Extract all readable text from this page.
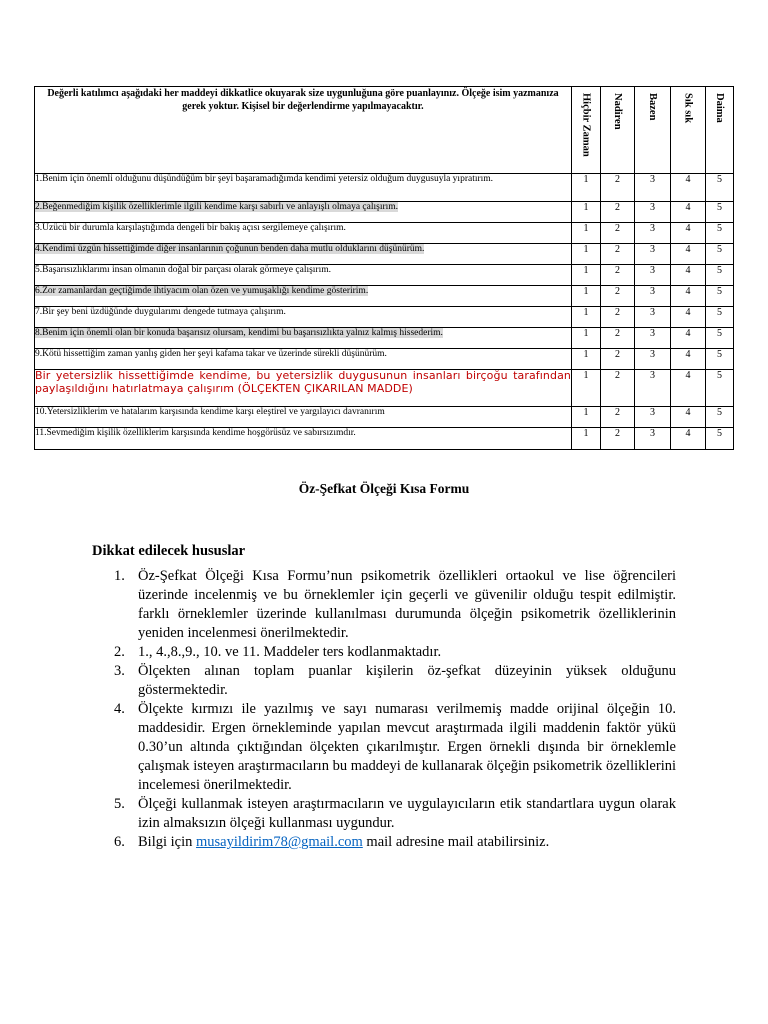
Değerli katılımcı aşağıdaki her maddeyi dikkatlice okuyarak size uygunluğuna göre puanlayınız. Ölçeğe isim yazmanıza gerek yoktur. Kişisel bir değerlendirme yapılmayacaktır.	Hiçbir Zaman	Nadiren	Bazen	Sık sık	Daima

1.Benim için önemli olduğunu düşündüğüm bir şeyi başaramadığımda kendimi yetersiz olduğum duygusuyla yıpratırım.	1	2	3	4	5
2.Beğenmediğim kişilik özelliklerimle ilgili kendime karşı sabırlı ve anlayışlı olmaya çalışırım.	1	2	3	4	5
3.Üzücü bir durumla karşılaştığımda dengeli bir bakış açısı sergilemeye çalışırım.	1	2	3	4	5
4.Kendimi üzgün hissettiğimde diğer insanlarının çoğunun benden daha mutlu olduklarını düşünürüm.	1	2	3	4	5
5.Başarısızlıklarımı insan olmanın doğal bir parçası olarak görmeye çalışırım.	1	2	3	4	5
6.Zor zamanlardan geçtiğimde ihtiyacım olan özen ve yumuşaklığı kendime gösteririm.	1	2	3	4	5
7.Bir şey beni üzdüğünde duygularımı dengede tutmaya çalışırım.	1	2	3	4	5
8.Benim için önemli olan bir konuda başarısız olursam, kendimi bu başarısızlıkta yalnız kalmış hissederim.	1	2	3	4	5
9.Kötü hissettiğim zaman yanlış giden her şeyi kafama takar ve üzerinde sürekli düşünürüm.	1	2	3	4	5
Bir yetersizlik hissettiğimde kendime, bu yetersizlik duygusunun insanları birçoğu tarafından paylaşıldığını hatırlatmaya çalışırım (ÖLÇEKTEN ÇIKARILAN MADDE)	1	2	3	4	5
10.Yetersizliklerim ve hatalarım karşısında kendime karşı eleştirel ve yargılayıcı davranırım	1	2	3	4	5
11.Sevmediğim kişilik özelliklerim karşısında kendime hoşgörüsüz ve sabırsızımdır.	1	2	3	4	5

Öz-Şefkat Ölçeği Kısa Formu

Dikkat edilecek hususlar

1. Öz-Şefkat Ölçeği Kısa Formu’nun psikometrik özellikleri ortaokul ve lise öğrencileri üzerinde incelenmiş ve bu örneklemler için geçerli ve güvenilir olduğu tespit edilmiştir. farklı örneklemler üzerinde kullanılması durumunda ölçeğin psikometrik özelliklerinin yeniden incelenmesi önerilmektedir.
2. 1., 4.,8.,9., 10. ve 11. Maddeler ters kodlanmaktadır.
3. Ölçekten alınan toplam puanlar kişilerin öz-şefkat düzeyinin yüksek olduğunu göstermektedir.
4. Ölçekte kırmızı ile yazılmış ve sayı numarası verilmemiş madde orijinal ölçeğin 10. maddesidir. Ergen örnekleminde yapılan mevcut araştırmada ilgili maddenin faktör yükü 0.30’un altında çıktığından ölçekten çıkarılmıştır. Ergen örnekli dışında bir örneklemle çalışmak isteyen araştırmacıların bu maddeyi de kullanarak ölçeğin psikometrik özelliklerini incelemesi önerilmektedir.
5. Ölçeği kullanmak isteyen araştırmacıların ve uygulayıcıların etik standartlara uygun olarak izin almaksızın ölçeği kullanması uygundur.
6. Bilgi için musayildirim78@gmail.com mail adresine mail atabilirsiniz.
